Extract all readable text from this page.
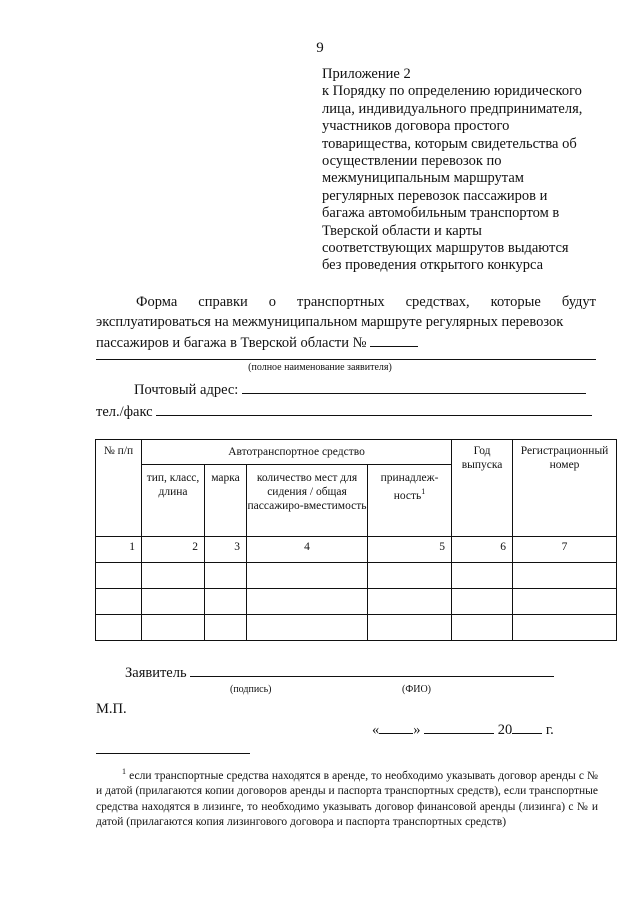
9
Приложение 2
к Порядку по определению юридического
лица, индивидуального предпринимателя,
участников договора простого
товарищества, которым свидетельства об
осуществлении перевозок по
межмуниципальным маршрутам
регулярных перевозок пассажиров и
багажа автомобильным транспортом в
Тверской области и карты
соответствующих маршрутов выдаются
без проведения открытого конкурса
Форма справки о транспортных средствах, которые будут
эксплуатироваться на межмуниципальном маршруте регулярных перевозок
пассажиров и багажа в Тверской области №
(полное наименование заявителя)
Почтовый адрес:
тел./факс
№ п/п	Автотранспортное средство				Год выпуска	Регистрационный номер
	тип, класс, длина	марка	количество мест для сидения / общая пассажиро-вместимость	принадлеж-ность$^1$
1	2	3	4	5	6	7

Заявитель
(подпись)	(ФИО)
М.П.
« »	20 г.
$^1$ если транспортные средства находятся в аренде, то необходимо указывать договор аренды с № и датой (прилагаются копии договоров аренды и паспорта транспортных средств), если транспортные средства находятся в лизинге, то необходимо указывать договор финансовой аренды (лизинга) с № и датой (прилагаются копия лизингового договора и паспорта транспортных средств)
